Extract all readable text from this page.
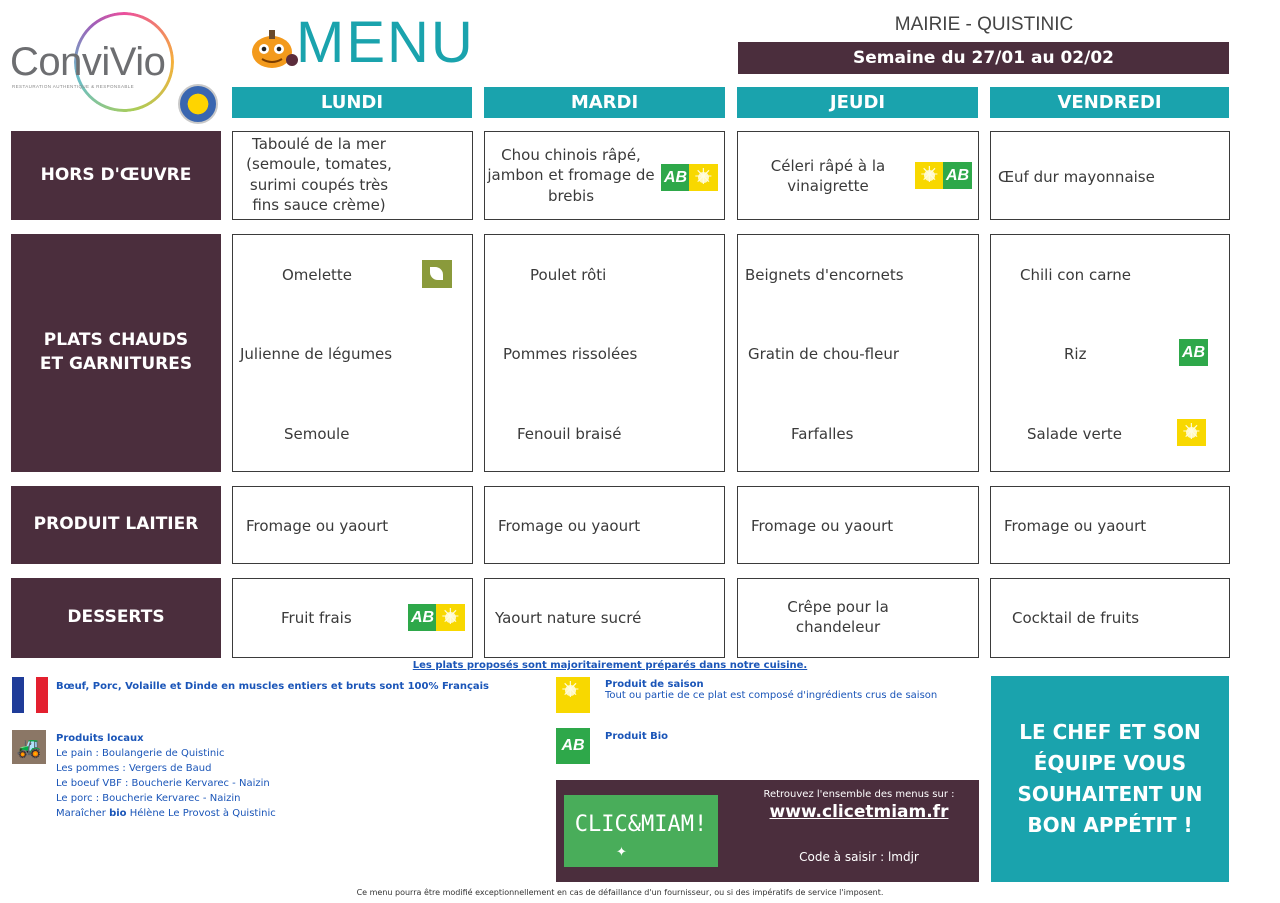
ConviVio
RESTAURATION AUTHENTIQUE & RESPONSABLE
MENU	MAIRIE - QUISTINIC
Semaine du 27/01 au 02/02
LUNDI	MARDI	JEUDI	VENDREDI
HORS D'ŒUVRE
PLATS CHAUDS
ET GARNITURES
PRODUIT LAITIER
DESSERTS
Taboulé de la mer (semoule, tomates, surimi coupés très fins sauce crème)
Chou chinois râpé, jambon et fromage de brebis
AB
✳
Céleri râpé à la vinaigrette
✳
AB Œuf dur mayonnaise
Omelette
Julienne de légumes
Semoule
Poulet rôti
Pommes rissolées
Fenouil braisé
Beignets d'encornets
Gratin de chou-fleur
Farfalles
Chili con carne
Riz	AB
Salade verte
✳
Fromage ou yaourt	Fromage ou yaourt	Fromage ou yaourt	Fromage ou yaourt
Fruit frais	AB
✳	Yaourt nature sucré
Crêpe pour la chandeleur
Cocktail de fruits
Les plats proposés sont majoritairement préparés dans notre cuisine.
Bœuf, Porc, Volaille et Dinde en muscles entiers et bruts sont 100% Français
🚜	Produits locaux
Le pain : Boulangerie de Quistinic
Les pommes : Vergers de Baud
Le boeuf VBF : Boucherie Kervarec - Naizin
Le porc : Boucherie Kervarec - Naizin
Maraîcher bio Hélène Le Provost à Quistinic
✳
Produit de saison
Tout ou partie de ce plat est composé d'ingrédients crus de saison
AB
Produit Bio
CLIC&MIAM!
✦
Retrouvez l'ensemble des menus sur :
www.clicetmiam.fr
Code à saisir : lmdjr
LE CHEF ET SON ÉQUIPE VOUS SOUHAITENT UN BON APPÉTIT !
Ce menu pourra être modifié exceptionnellement en cas de défaillance d'un fournisseur, ou si des impératifs de service l'imposent.
